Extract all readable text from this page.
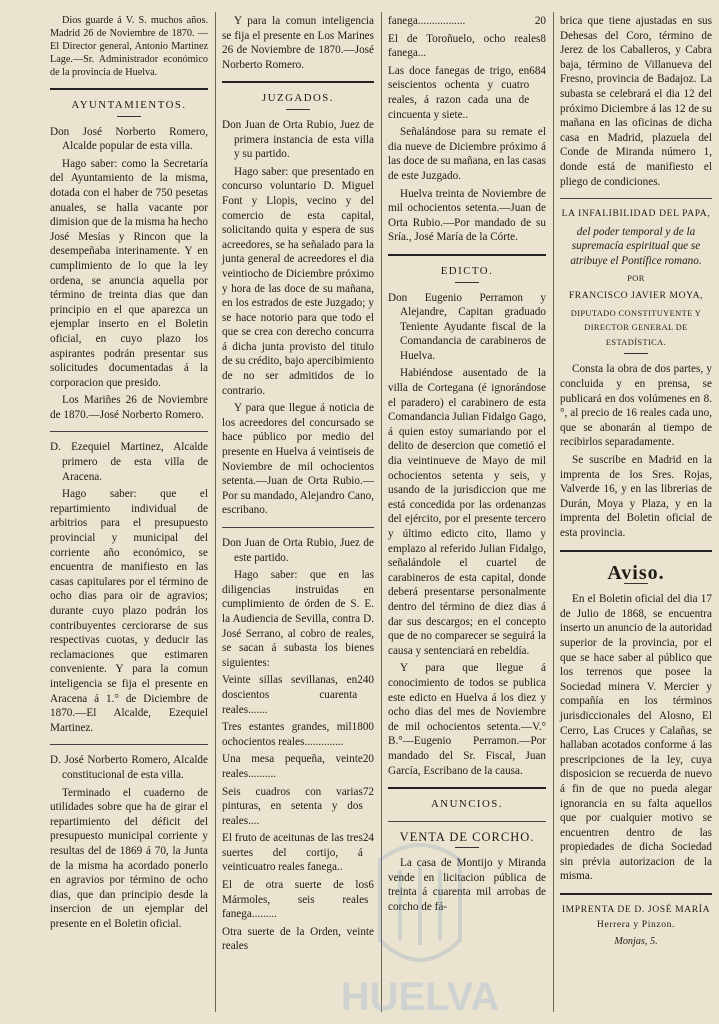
Dios guarde á V. S. muchos años. Madrid 26 de Noviembre de 1870. —El Director general, Antonio Martinez Lage.—Sr. Administrador económico de la provincia de Huelva.

AYUNTAMIENTOS.

Don José Norberto Romero, Alcalde popular de esta villa.

Hago saber: como la Secretaría del Ayuntamiento de la misma, dotada con el haber de 750 pesetas anuales, se halla vacante por dimision que de la misma ha hecho José Mesías y Rincon que la desempeñaba interinamente. Y en cumplimiento de lo que la ley ordena, se anuncia aquella por término de treinta dias que dan principio en el que aparezca un ejemplar inserto en el Boletin oficial, en cuyo plazo los aspirantes podrán presentar sus solicitudes documentadas á la corporacion que presido.

Los Mariñes 26 de Noviembre de 1870.—José Norberto Romero.

D. Ezequiel Martinez, Alcalde primero de esta villa de Aracena.

Hago saber: que el repartimiento individual de arbitrios para el presupuesto provincial y municipal del corriente año económico, se encuentra de manifiesto en las casas capitulares por el término de ocho dias para oir de agravios; durante cuyo plazo podrán los contribuyentes cerciorarse de sus respectivas cuotas, y deducir las reclamaciones que estimaren conveniente. Y para la comun inteligencia se fija el presente en Aracena á 1.° de Diciembre de 1870.—El Alcalde, Ezequiel Martinez.

D. José Norberto Romero, Alcalde constitucional de esta villa.

Terminado el cuaderno de utilidades sobre que ha de girar el repartimiento del déficit del presupuesto municipal corriente y resultas del de 1869 á 70, la Junta de la misma ha acordado ponerlo en agravios por término de ocho dias, que dan principio desde la insercion de un ejemplar del presente en el Boletin oficial.

Y para la comun inteligencia se fija el presente en Los Marines 26 de Noviembre de 1870.—José Norberto Romero.

JUZGADOS.

Don Juan de Orta Rubio, Juez de primera instancia de esta villa y su partido.

Hago saber: que presentado en concurso voluntario D. Miguel Font y Llopis, vecino y del comercio de esta capital, solicitando quita y espera de sus acreedores, se ha señalado para la junta general de acreedores el dia veintiocho de Diciembre próximo y hora de las doce de su mañana, en los estrados de este Juzgado; y se hace notorio para que todo el que se crea con derecho concurra á dicha junta provisto del titulo de su crédito, bajo apercibimiento de no ser admitidos de lo contrario.

Y para que llegue á noticia de los acreedores del concursado se hace público por medio del presente en Huelva á veintiseis de Noviembre de mil ochocientos setenta.—Juan de Orta Rubio.—Por su mandado, Alejandro Cano, escribano.

Don Juan de Orta Rubio, Juez de este partido.

Hago saber: que en las diligencias instruidas en cumplimiento de órden de S. E. la Audiencia de Sevilla, contra D. José Serrano, al cobro de reales, se sacan á subasta los bienes siguientes:

Veinte sillas sevillanas, en doscientos cuarenta reales.......
240

Tres estantes grandes, mil ochocientos reales..............
1800

Una mesa pequeña, veinte reales..........
20

Seis cuadros con varias pinturas, en setenta y dos reales....
72

El fruto de aceitunas de las tres suertes del cortijo, á veinticuatro reales fanega..
24

El de otra suerte de los Mármoles, seis reales fanega.........
6

Otra suerte de la Orden, veinte reales

fanega.................	20

El de Toroñuelo, ocho reales fanega...
8

Las doce fanegas de trigo, en seiscientos ochenta y cuatro reales, á razon cada una de cincuenta y siete..
684

Señalándose para su remate el dia nueve de Diciembre próximo á las doce de su mañana, en las casas de este Juzgado.

Huelva treinta de Noviembre de mil ochocientos setenta.—Juan de Orta Rubio.—Por mandado de su Sría., José María de la Córte.

EDICTO.

Don Eugenio Perramon y Alejandre, Capitan graduado Teniente Ayudante fiscal de la Comandancia de carabineros de Huelva.

Habiéndose ausentado de la villa de Cortegana (é ignorándose el paradero) el carabinero de esta Comandancia Julian Fidalgo Gago, á quien estoy sumariando por el delito de desercion que cometió el dia veintinueve de Mayo de mil ochocientos setenta y seis, y usando de la jurisdiccion que me está concedida por las ordenanzas del ejército, por el presente tercero y último edicto cito, llamo y emplazo al referido Julian Fidalgo, señalándole el cuartel de carabineros de esta capital, donde deberá presentarse personalmente dentro del término de diez dias á dar sus descargos; en el concepto que de no comparecer se seguirá la causa y sentenciará en rebeldía.

Y para que llegue á conocimiento de todos se publica este edicto en Huelva á los diez y ocho dias del mes de Noviembre de mil ochocientos setenta.—V.° B.°—Eugenio Perramon.—Por mandado del Sr. Fiscal, Juan García, Escribano de la causa.

ANUNCIOS.
VENTA DE CORCHO.

La casa de Montijo y Miranda vende en licitacion pública de treinta á cuarenta mil arrobas de corcho de fá-

brica que tiene ajustadas en sus Dehesas del Coro, término de Jerez de los Caballeros, y Cabra baja, término de Villanueva del Fresno, provincia de Badajoz. La subasta se celebrará el dia 12 del próximo Diciembre á las 12 de su mañana en las oficinas de dicha casa en Madrid, plazuela del Conde de Miranda número 1, donde está de manifiesto el pliego de condiciones.

LA INFALIBILIDAD DEL PAPA,

del poder temporal y de la supremacía espiritual que se atribuye el Pontífice romano.

POR

FRANCISCO JAVIER MOYA,

DIPUTADO CONSTITUYENTE Y DIRECTOR GENERAL DE ESTADÍSTICA.

Consta la obra de dos partes, y concluida y en prensa, se publicará en dos volúmenes en 8.°, al precio de 16 reales cada uno, que se abonarán al tiempo de recibirlos separadamente.

Se suscribe en Madrid en la imprenta de los Sres. Rojas, Valverde 16, y en las librerias de Durán, Moya y Plaza, y en la imprenta del Boletin oficial de esta provincia.

Aviso.

En el Boletin oficial del dia 17 de Julio de 1868, se encuentra inserto un anuncio de la autoridad superior de la provincia, por el que se hace saber al público que los terrenos que posee la Sociedad minera V. Mercier y compañía en los términos jurisdiccionales del Alosno, El Cerro, Las Cruces y Calañas, se hallaban acotados conforme á las prescripciones de la ley, cuya disposicion se recuerda de nuevo á fin de que no pueda alegar ignorancia en su falta aquellos que por cualquier motivo se encuentren dentro de las propiedades de dicha Sociedad sin prévia autorizacion de la misma.

IMPRENTA DE D. JOSÉ MARÍA Herrera y Pinzon.

Monjas, 5.

HUELVA
